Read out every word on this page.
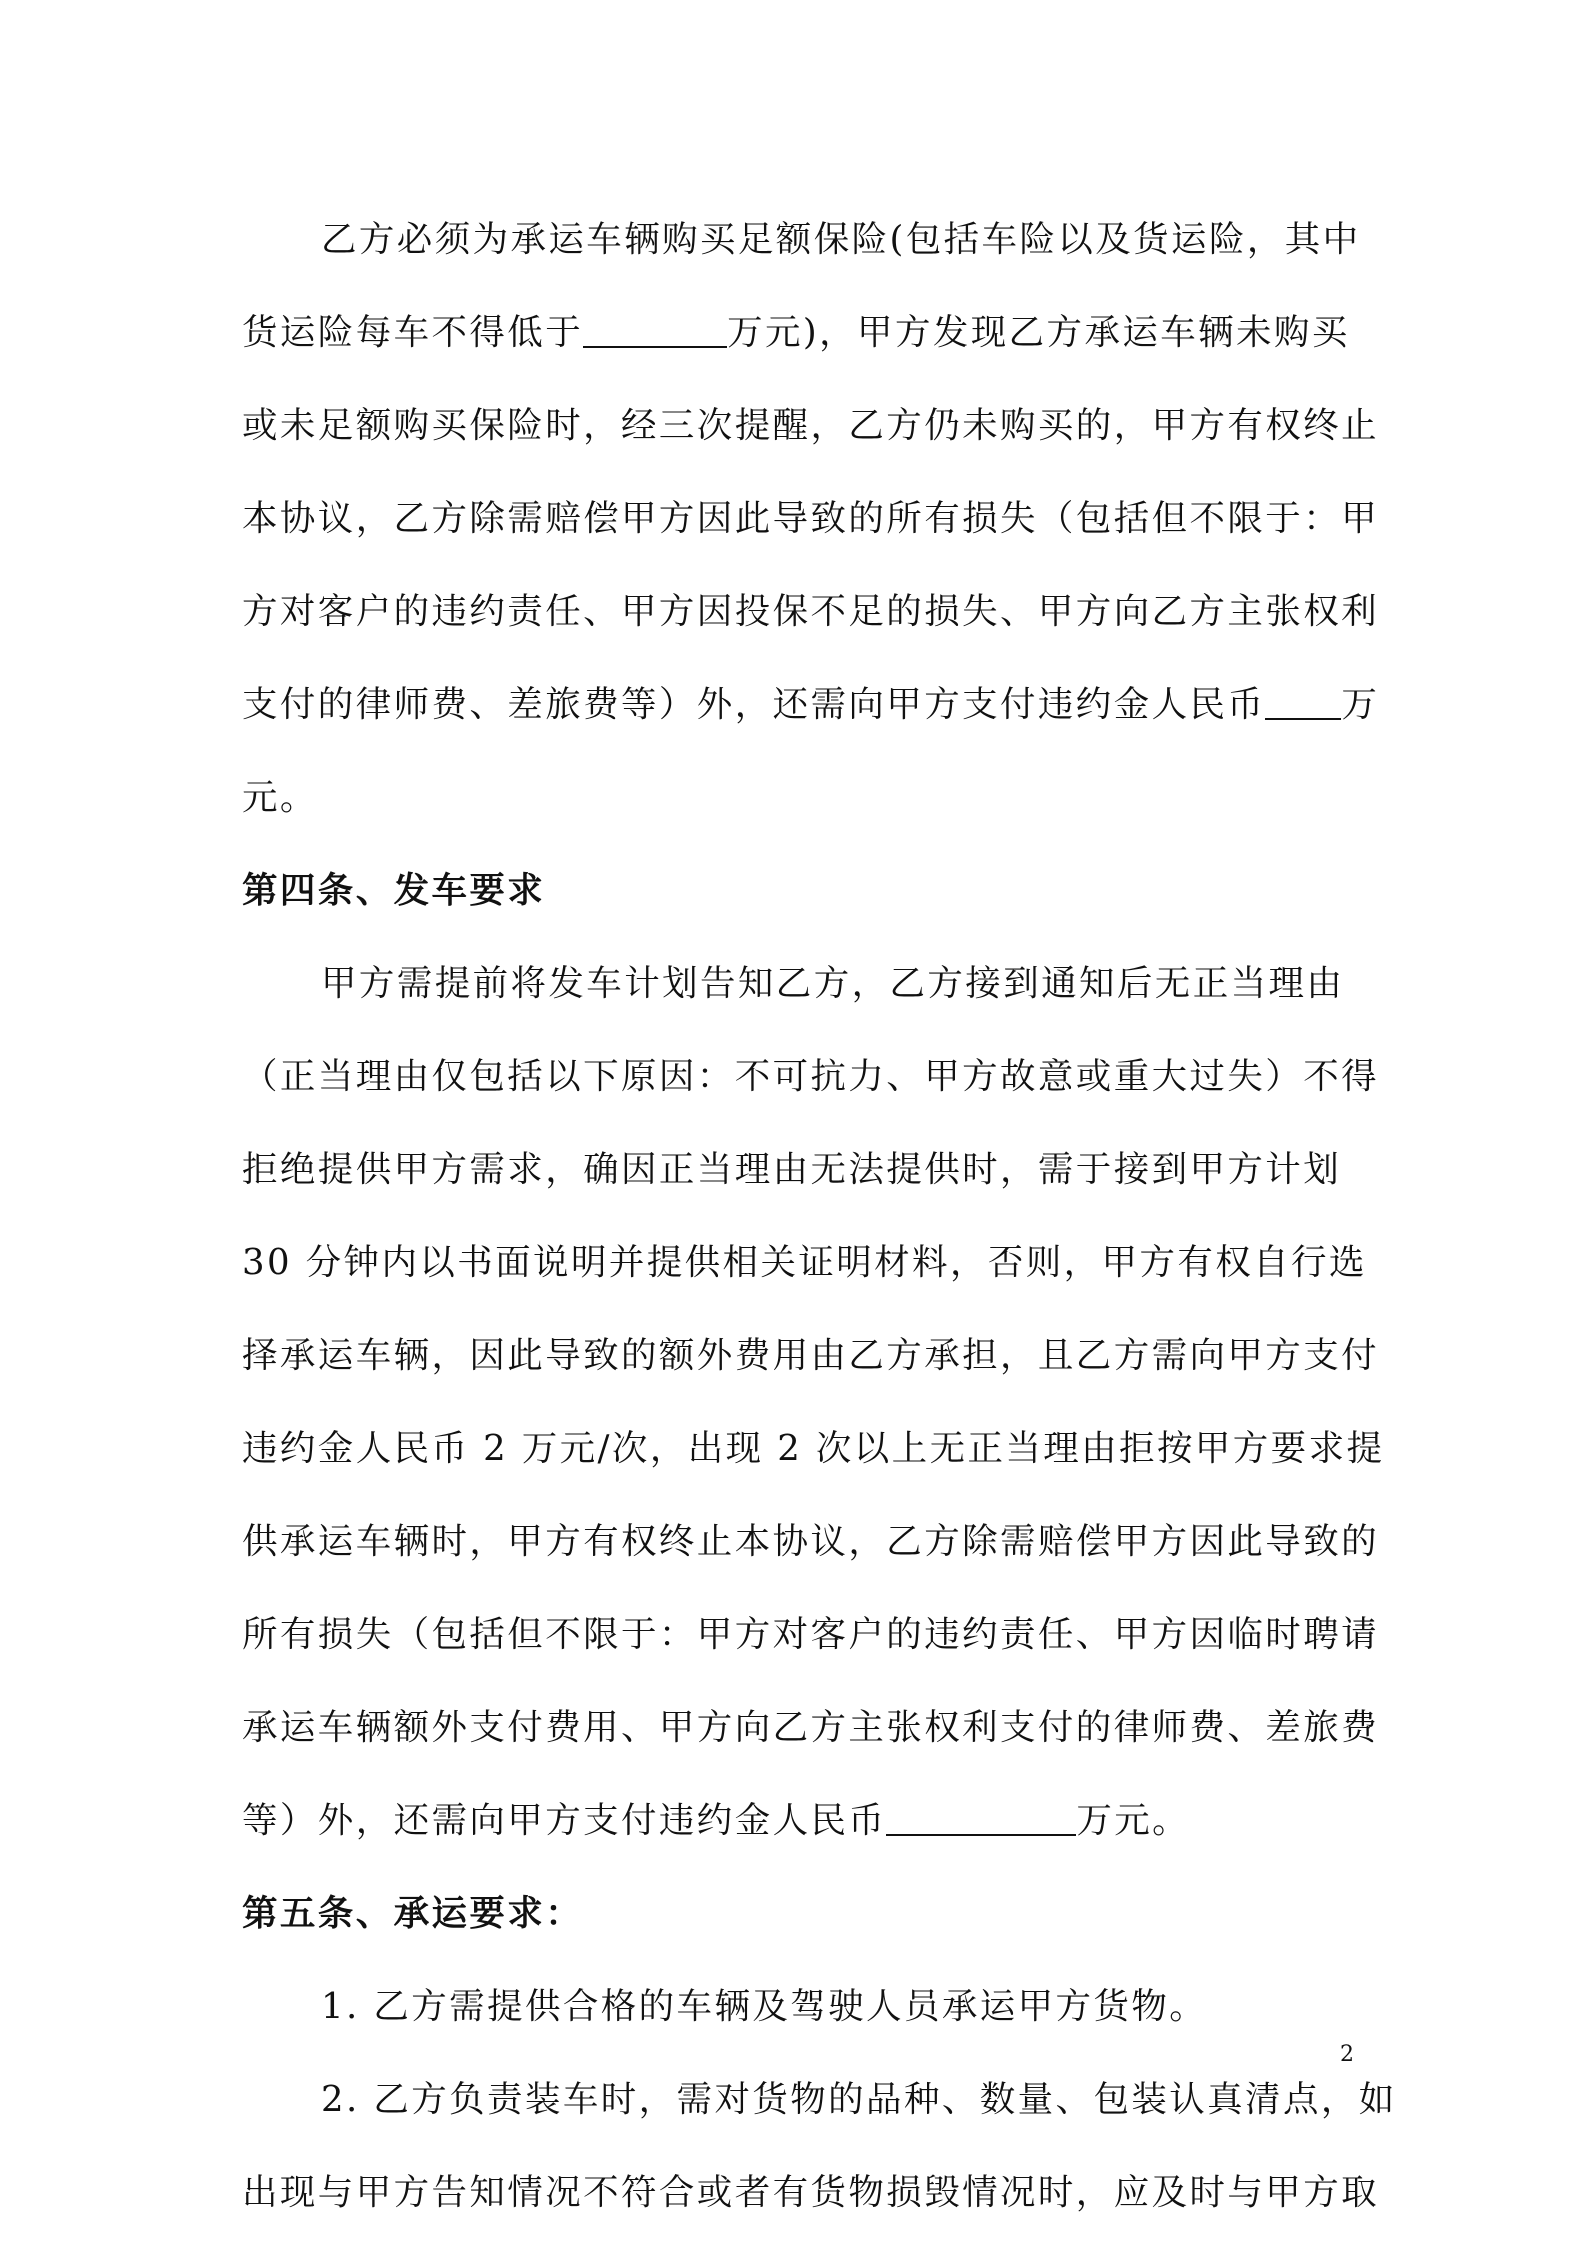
乙方必须为承运车辆购买足额保险(包括车险以及货运险，其中
货运险每车不得低于	万元)，甲方发现乙方承运车辆未购买
或未足额购买保险时，经三次提醒，乙方仍未购买的，甲方有权终止
本协议，乙方除需赔偿甲方因此导致的所有损失（包括但不限于：甲
方对客户的违约责任、甲方因投保不足的损失、甲方向乙方主张权利
支付的律师费、差旅费等）外，还需向甲方支付违约金人民币 万
元。
第四条、发车要求
甲方需提前将发车计划告知乙方，乙方接到通知后无正当理由
（正当理由仅包括以下原因：不可抗力、甲方故意或重大过失）不得
拒绝提供甲方需求，确因正当理由无法提供时，需于接到甲方计划
30 分钟内以书面说明并提供相关证明材料，否则，甲方有权自行选
择承运车辆，因此导致的额外费用由乙方承担，且乙方需向甲方支付
违约金人民币 2 万元/次，出现 2 次以上无正当理由拒按甲方要求提
供承运车辆时，甲方有权终止本协议，乙方除需赔偿甲方因此导致的
所有损失（包括但不限于：甲方对客户的违约责任、甲方因临时聘请
承运车辆额外支付费用、甲方向乙方主张权利支付的律师费、差旅费
等）外，还需向甲方支付违约金人民币	万元。
第五条、承运要求：
1. 乙方需提供合格的车辆及驾驶人员承运甲方货物。
2. 乙方负责装车时，需对货物的品种、数量、包装认真清点，如
出现与甲方告知情况不符合或者有货物损毁情况时，应及时与甲方取
2
